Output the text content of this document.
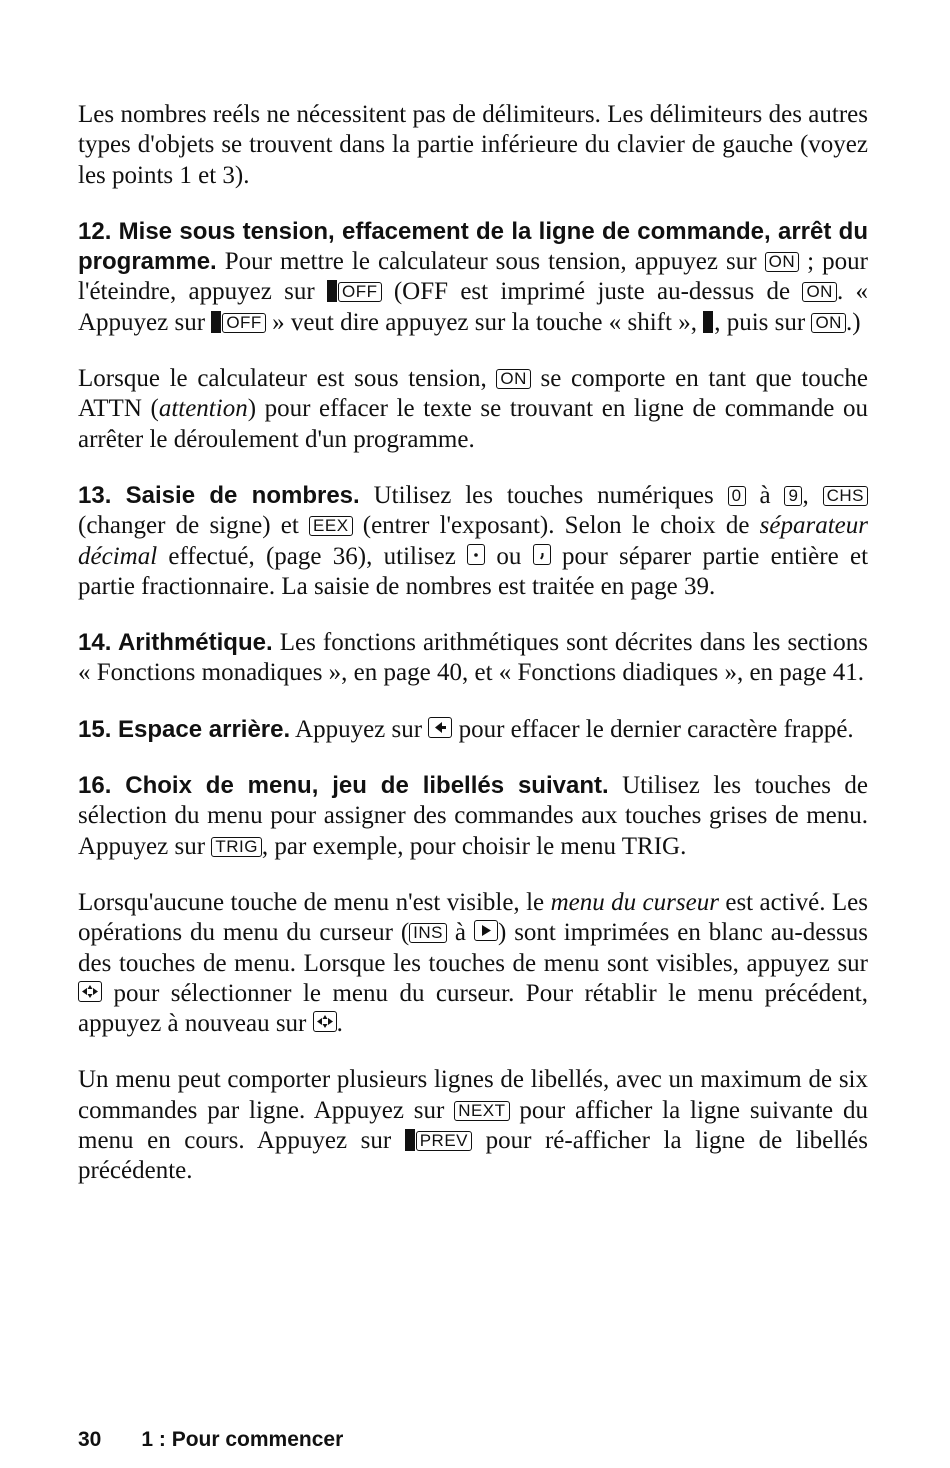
Les nombres reéls ne nécessitent pas de délimiteurs. Les délimiteurs des autres types d'objets se trouvent dans la partie inférieure du clavier de gauche (voyez les points 1 et 3).

12. Mise sous tension, effacement de la ligne de commande, arrêt du programme. Pour mettre le calculateur sous tension, appuyez sur ON ; pour l'éteindre, appuyez sur OFF (OFF est imprimé juste au-dessus de ON . « Appuyez sur OFF » veut dire appuyez sur la touche « shift », , puis sur ON .)

Lorsque le calculateur est sous tension, ON se comporte en tant que touche ATTN (attention) pour effacer le texte se trouvant en ligne de commande ou arrêter le déroulement d'un programme.

13. Saisie de nombres. Utilisez les touches numériques 0 à 9 , CHS (changer de signe) et EEX (entrer l'exposant). Selon le choix de séparateur décimal effectué, (page 36), utilisez
ou
pour séparer partie entière et partie fractionnaire. La saisie de nombres est traitée en page 39.

14. Arithmétique. Les fonctions arithmétiques sont décrites dans les sections « Fonctions monadiques », en page 40, et « Fonctions diadiques », en page 41.

15. Espace arrière. Appuyez sur
pour effacer le dernier caractère frappé.

16. Choix de menu, jeu de libellés suivant. Utilisez les touches de sélection du menu pour assigner des commandes aux touches grises de menu. Appuyez sur TRIG , par exemple, pour choisir le menu TRIG.

Lorsqu'aucune touche de menu n'est visible, le menu du curseur est activé. Les opérations du menu du curseur ( INS à
) sont imprimées en blanc au-dessus des touches de menu. Lorsque les touches de menu sont visibles, appuyez sur
pour sélectionner le menu du curseur. Pour rétablir le menu précédent, appuyez à nouveau sur
.

Un menu peut comporter plusieurs lignes de libellés, avec un maximum de six commandes par ligne. Appuyez sur NEXT pour afficher la ligne suivante du menu en cours. Appuyez sur PREV pour ré-afficher la ligne de libellés précédente.

30 1 : Pour commencer
